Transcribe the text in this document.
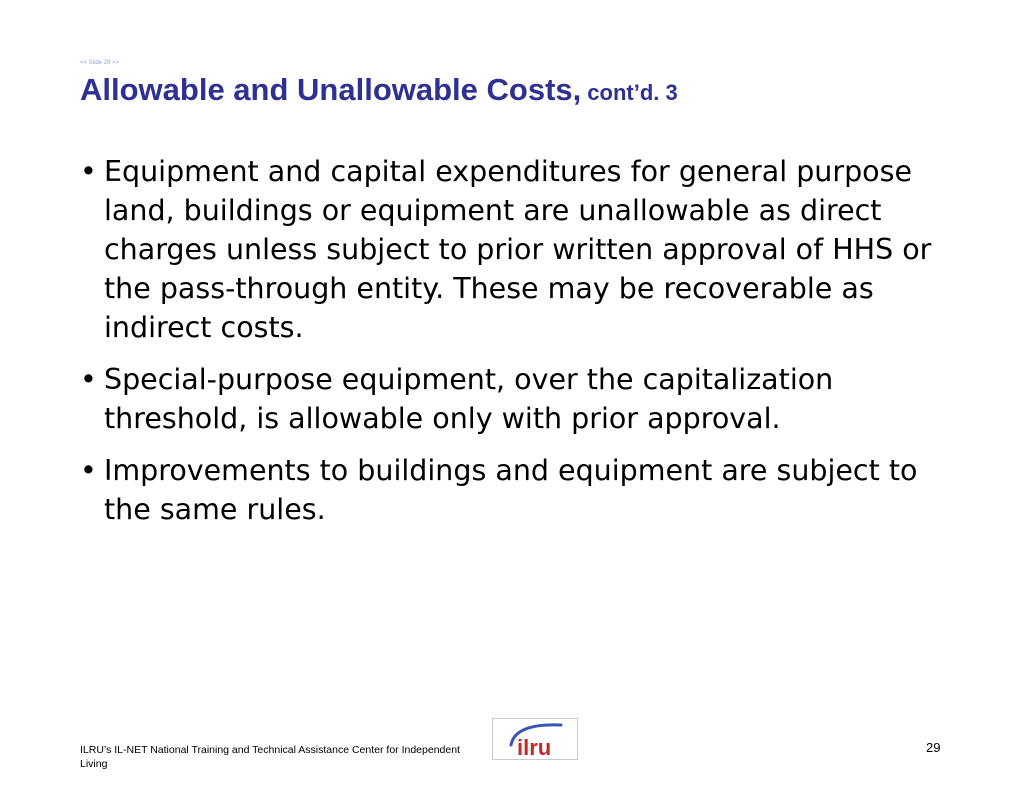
<< Slide 29 >>
Allowable and Unallowable Costs, cont’d. 3
• Equipment and capital expenditures for general purpose land, buildings or equipment are unallowable as direct charges unless subject to prior written approval of HHS or the pass-through entity. These may be recoverable as indirect costs.
• Special-purpose equipment, over the capitalization threshold, is allowable only with prior approval.
• Improvements to buildings and equipment are subject to the same rules.
ILRU’s IL-NET National Training and Technical Assistance Center for Independent Living
ilru	29
